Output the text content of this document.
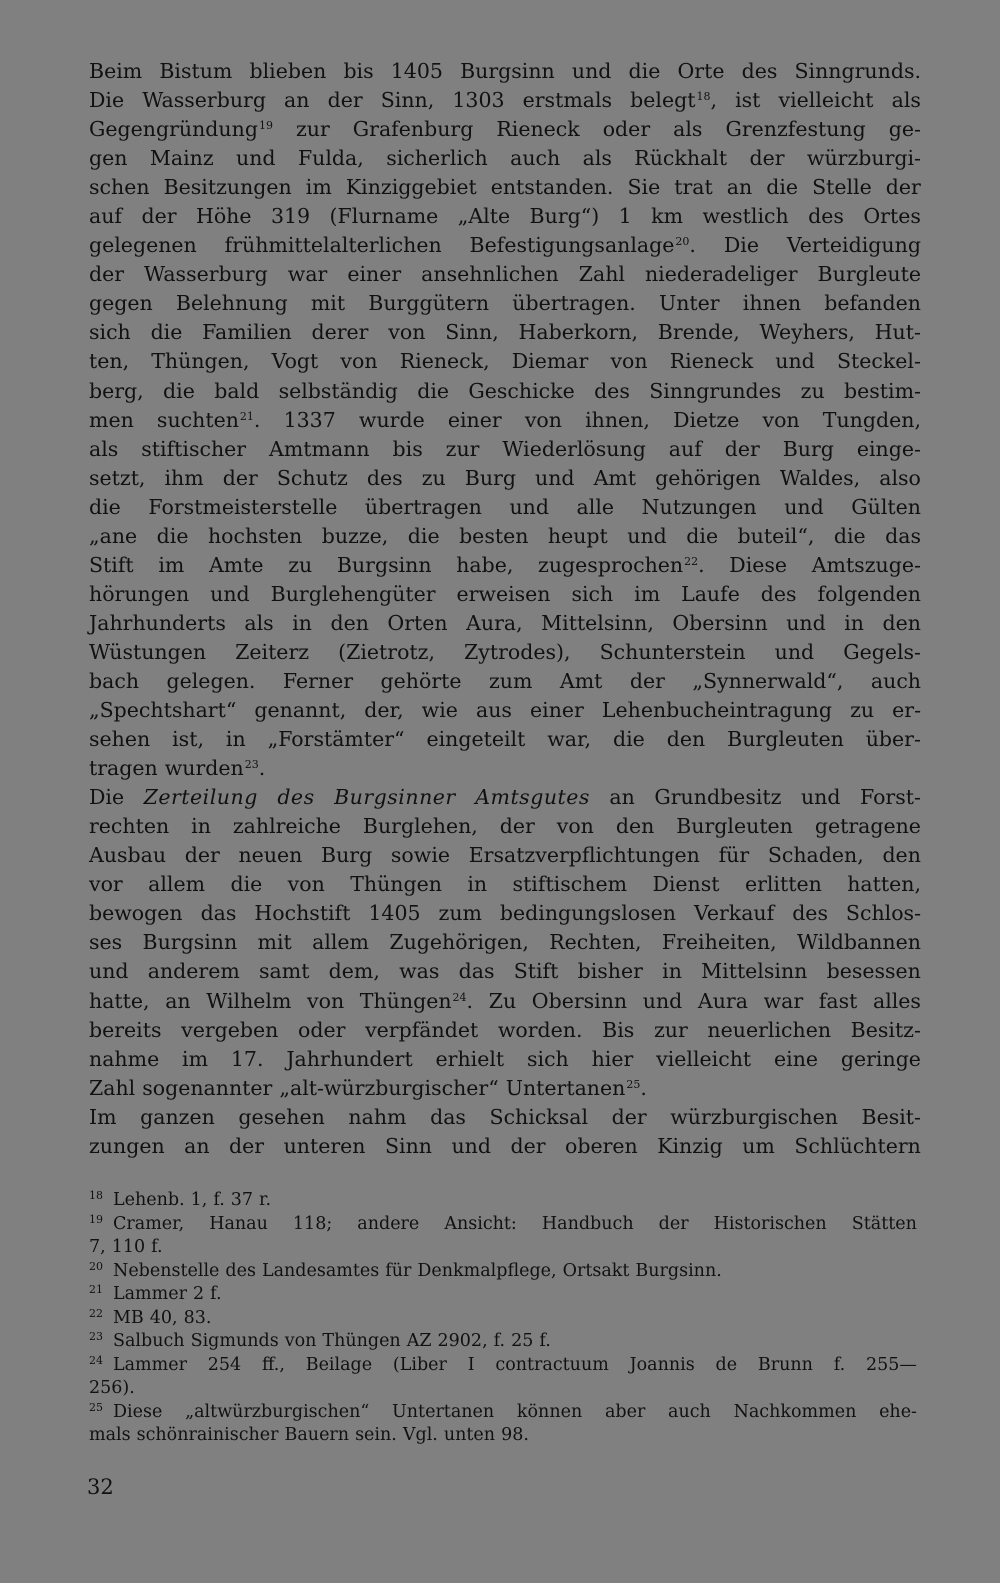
Beim Bistum blieben bis 1405 Burgsinn und die Orte des Sinngrunds.
Die Wasserburg an der Sinn, 1303 erstmals belegt$^{18}$, ist vielleicht als
Gegengründung$^{19}$ zur Grafenburg Rieneck oder als Grenzfestung ge-
gen Mainz und Fulda, sicherlich auch als Rückhalt der würzburgi-
schen Besitzungen im Kinziggebiet entstanden. Sie trat an die Stelle der
auf der Höhe 319 (Flurname „Alte Burg“) 1 km westlich des Ortes
gelegenen frühmittelalterlichen Befestigungsanlage$^{20}$. Die Verteidigung
der Wasserburg war einer ansehnlichen Zahl niederadeliger Burgleute
gegen Belehnung mit Burggütern übertragen. Unter ihnen befanden
sich die Familien derer von Sinn, Haberkorn, Brende, Weyhers, Hut-
ten, Thüngen, Vogt von Rieneck, Diemar von Rieneck und Steckel-
berg, die bald selbständig die Geschicke des Sinngrundes zu bestim-
men suchten$^{21}$. 1337 wurde einer von ihnen, Dietze von Tungden,
als stiftischer Amtmann bis zur Wiederlösung auf der Burg einge-
setzt, ihm der Schutz des zu Burg und Amt gehörigen Waldes, also
die Forstmeisterstelle übertragen und alle Nutzungen und Gülten
„ane die hochsten buzze, die besten heupt und die buteil“, die das
Stift im Amte zu Burgsinn habe, zugesprochen$^{22}$. Diese Amtszuge-
hörungen und Burglehengüter erweisen sich im Laufe des folgenden
Jahrhunderts als in den Orten Aura, Mittelsinn, Obersinn und in den
Wüstungen Zeiterz (Zietrotz, Zytrodes), Schunterstein und Gegels-
bach gelegen. Ferner gehörte zum Amt der „Synnerwald“, auch
„Spechtshart“ genannt, der, wie aus einer Lehenbucheintragung zu er-
sehen ist, in „Forstämter“ eingeteilt war, die den Burgleuten über-
tragen wurden$^{23}$.
Die Zerteilung des Burgsinner Amtsgutes an Grundbesitz und Forst-
rechten in zahlreiche Burglehen, der von den Burgleuten getragene
Ausbau der neuen Burg sowie Ersatzverpflichtungen für Schaden, den
vor allem die von Thüngen in stiftischem Dienst erlitten hatten,
bewogen das Hochstift 1405 zum bedingungslosen Verkauf des Schlos-
ses Burgsinn mit allem Zugehörigen, Rechten, Freiheiten, Wildbannen
und anderem samt dem, was das Stift bisher in Mittelsinn besessen
hatte, an Wilhelm von Thüngen$^{24}$. Zu Obersinn und Aura war fast alles
bereits vergeben oder verpfändet worden. Bis zur neuerlichen Besitz-
nahme im 17. Jahrhundert erhielt sich hier vielleicht eine geringe
Zahl sogenannter „alt-würzburgischer“ Untertanen$^{25}$.
Im ganzen gesehen nahm das Schicksal der würzburgischen Besit-
zungen an der unteren Sinn und der oberen Kinzig um Schlüchtern
18 Lehenb. 1, f. 37 r.
19 Cramer, Hanau 118; andere Ansicht: Handbuch der Historischen Stätten
7, 110 f.
20 Nebenstelle des Landesamtes für Denkmalpflege, Ortsakt Burgsinn.
21 Lammer 2 f.
22 MB 40, 83.
23 Salbuch Sigmunds von Thüngen AZ 2902, f. 25 f.
24 Lammer 254 ff., Beilage (Liber I contractuum Joannis de Brunn f. 255—
256).
25 Diese „altwürzburgischen“ Untertanen können aber auch Nachkommen ehe-
mals schönrainischer Bauern sein. Vgl. unten 98.
32
